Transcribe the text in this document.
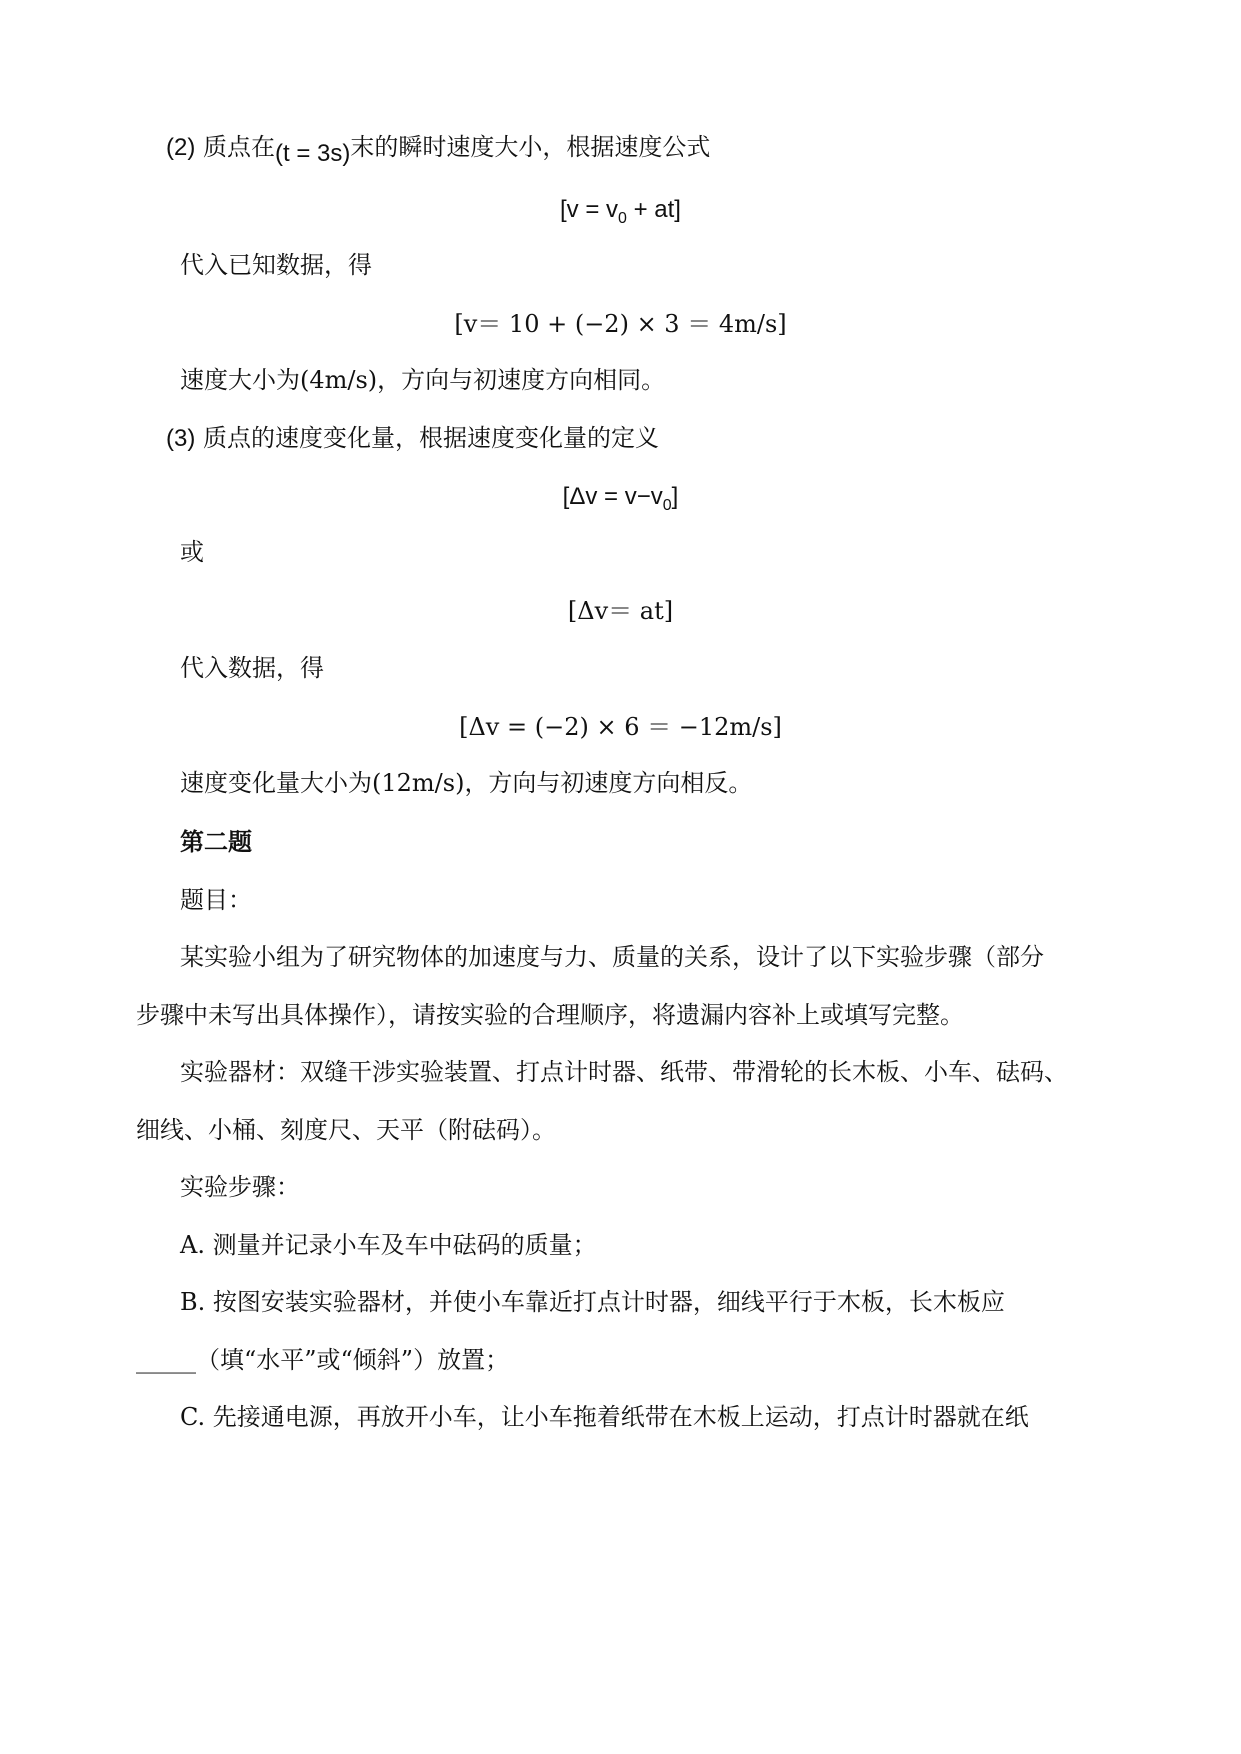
(2) 质点在(t = 3s)末的瞬时速度大小，根据速度公式
$[v = v_0 + at]$
代入已知数据，得
[v＝ 10 + (−2) × 3 ＝ 4m/s]
速度大小为(4m/s)，方向与初速度方向相同。
(3) 质点的速度变化量，根据速度变化量的定义
$[\Delta v = v-v_0]$
或
[Δv＝ at]
代入数据，得
[Δv = (−2) × 6 ＝ −12m/s]
速度变化量大小为(12m/s)，方向与初速度方向相反。
第二题
题目：
某实验小组为了研究物体的加速度与力、质量的关系，设计了以下实验步骤（部分
步骤中未写出具体操作），请按实验的合理顺序，将遗漏内容补上或填写完整。
实验器材：双缝干涉实验装置、打点计时器、纸带、带滑轮的长木板、小车、砝码、
细线、小桶、刻度尺、天平（附砝码）。
实验步骤：
A. 测量并记录小车及车中砝码的质量；
B. 按图安装实验器材，并使小车靠近打点计时器，细线平行于木板，长木板应
_____（填“水平”或“倾斜”）放置；
C. 先接通电源，再放开小车，让小车拖着纸带在木板上运动，打点计时器就在纸
